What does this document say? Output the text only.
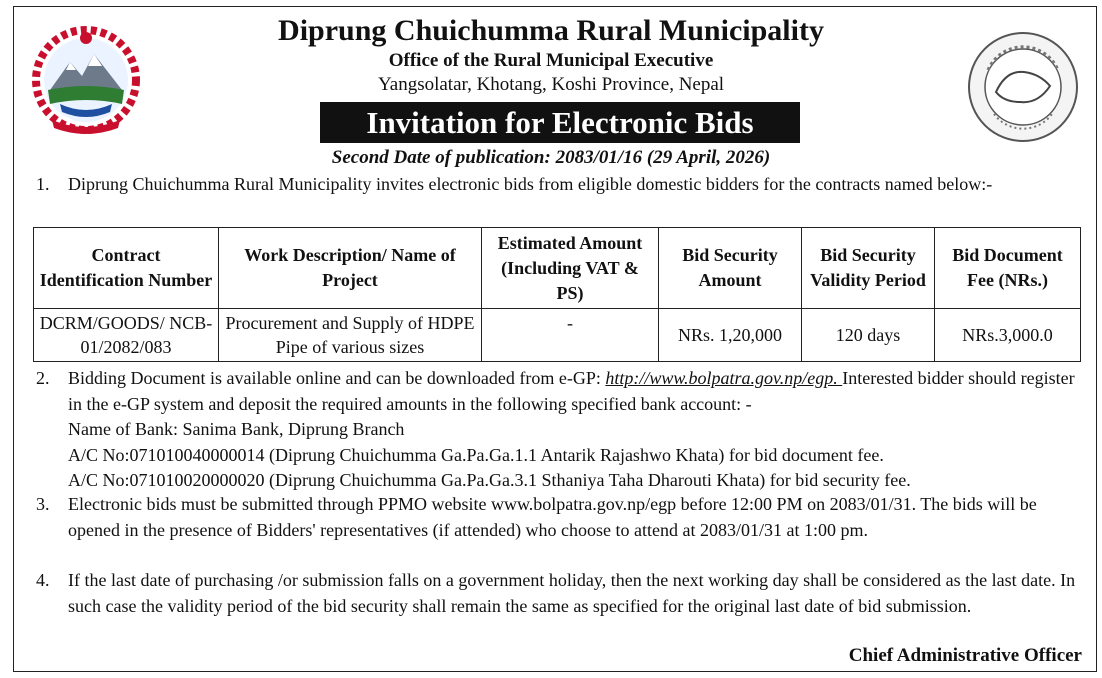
Diprung Chuichumma Rural Municipality
Office of the Rural Municipal Executive
Yangsolatar, Khotang, Koshi Province, Nepal
Invitation for Electronic Bids
Second Date of publication: 2083/01/16 (29 April, 2026)
1.	Diprung Chuichumma Rural Municipality invites electronic bids from eligible domestic bidders for the contracts named below:-
Contract Identification Number	Work Description/ Name of Project	Estimated Amount (Including VAT & PS)	Bid Security Amount	Bid Security Validity Period	Bid Document Fee (NRs.)
DCRM/GOODS/ NCB-01/2082/083	Procurement and Supply of HDPE Pipe of various sizes	-	NRs. 1,20,000	120 days	NRs.3,000.0
2.	Bidding Document is available online and can be downloaded from e-GP: http://www.bolpatra.gov.np/egp. Interested bidder should register in the e-GP system and deposit the required amounts in the following specified bank account: -
Name of Bank: Sanima Bank, Diprung Branch
A/C No:071010040000014 (Diprung Chuichumma Ga.Pa.Ga.1.1 Antarik Rajashwo Khata) for bid document fee.
A/C No:071010020000020 (Diprung Chuichumma Ga.Pa.Ga.3.1 Sthaniya Taha Dharouti Khata) for bid security fee.
3.	Electronic bids must be submitted through PPMO website www.bolpatra.gov.np/egp before 12:00 PM on 2083/01/31. The bids will be opened in the presence of Bidders' representatives (if attended) who choose to attend at 2083/01/31 at 1:00 pm.
4.	If the last date of purchasing /or submission falls on a government holiday, then the next working day shall be considered as the last date. In such case the validity period of the bid security shall remain the same as specified for the original last date of bid submission.
Chief Administrative Officer
